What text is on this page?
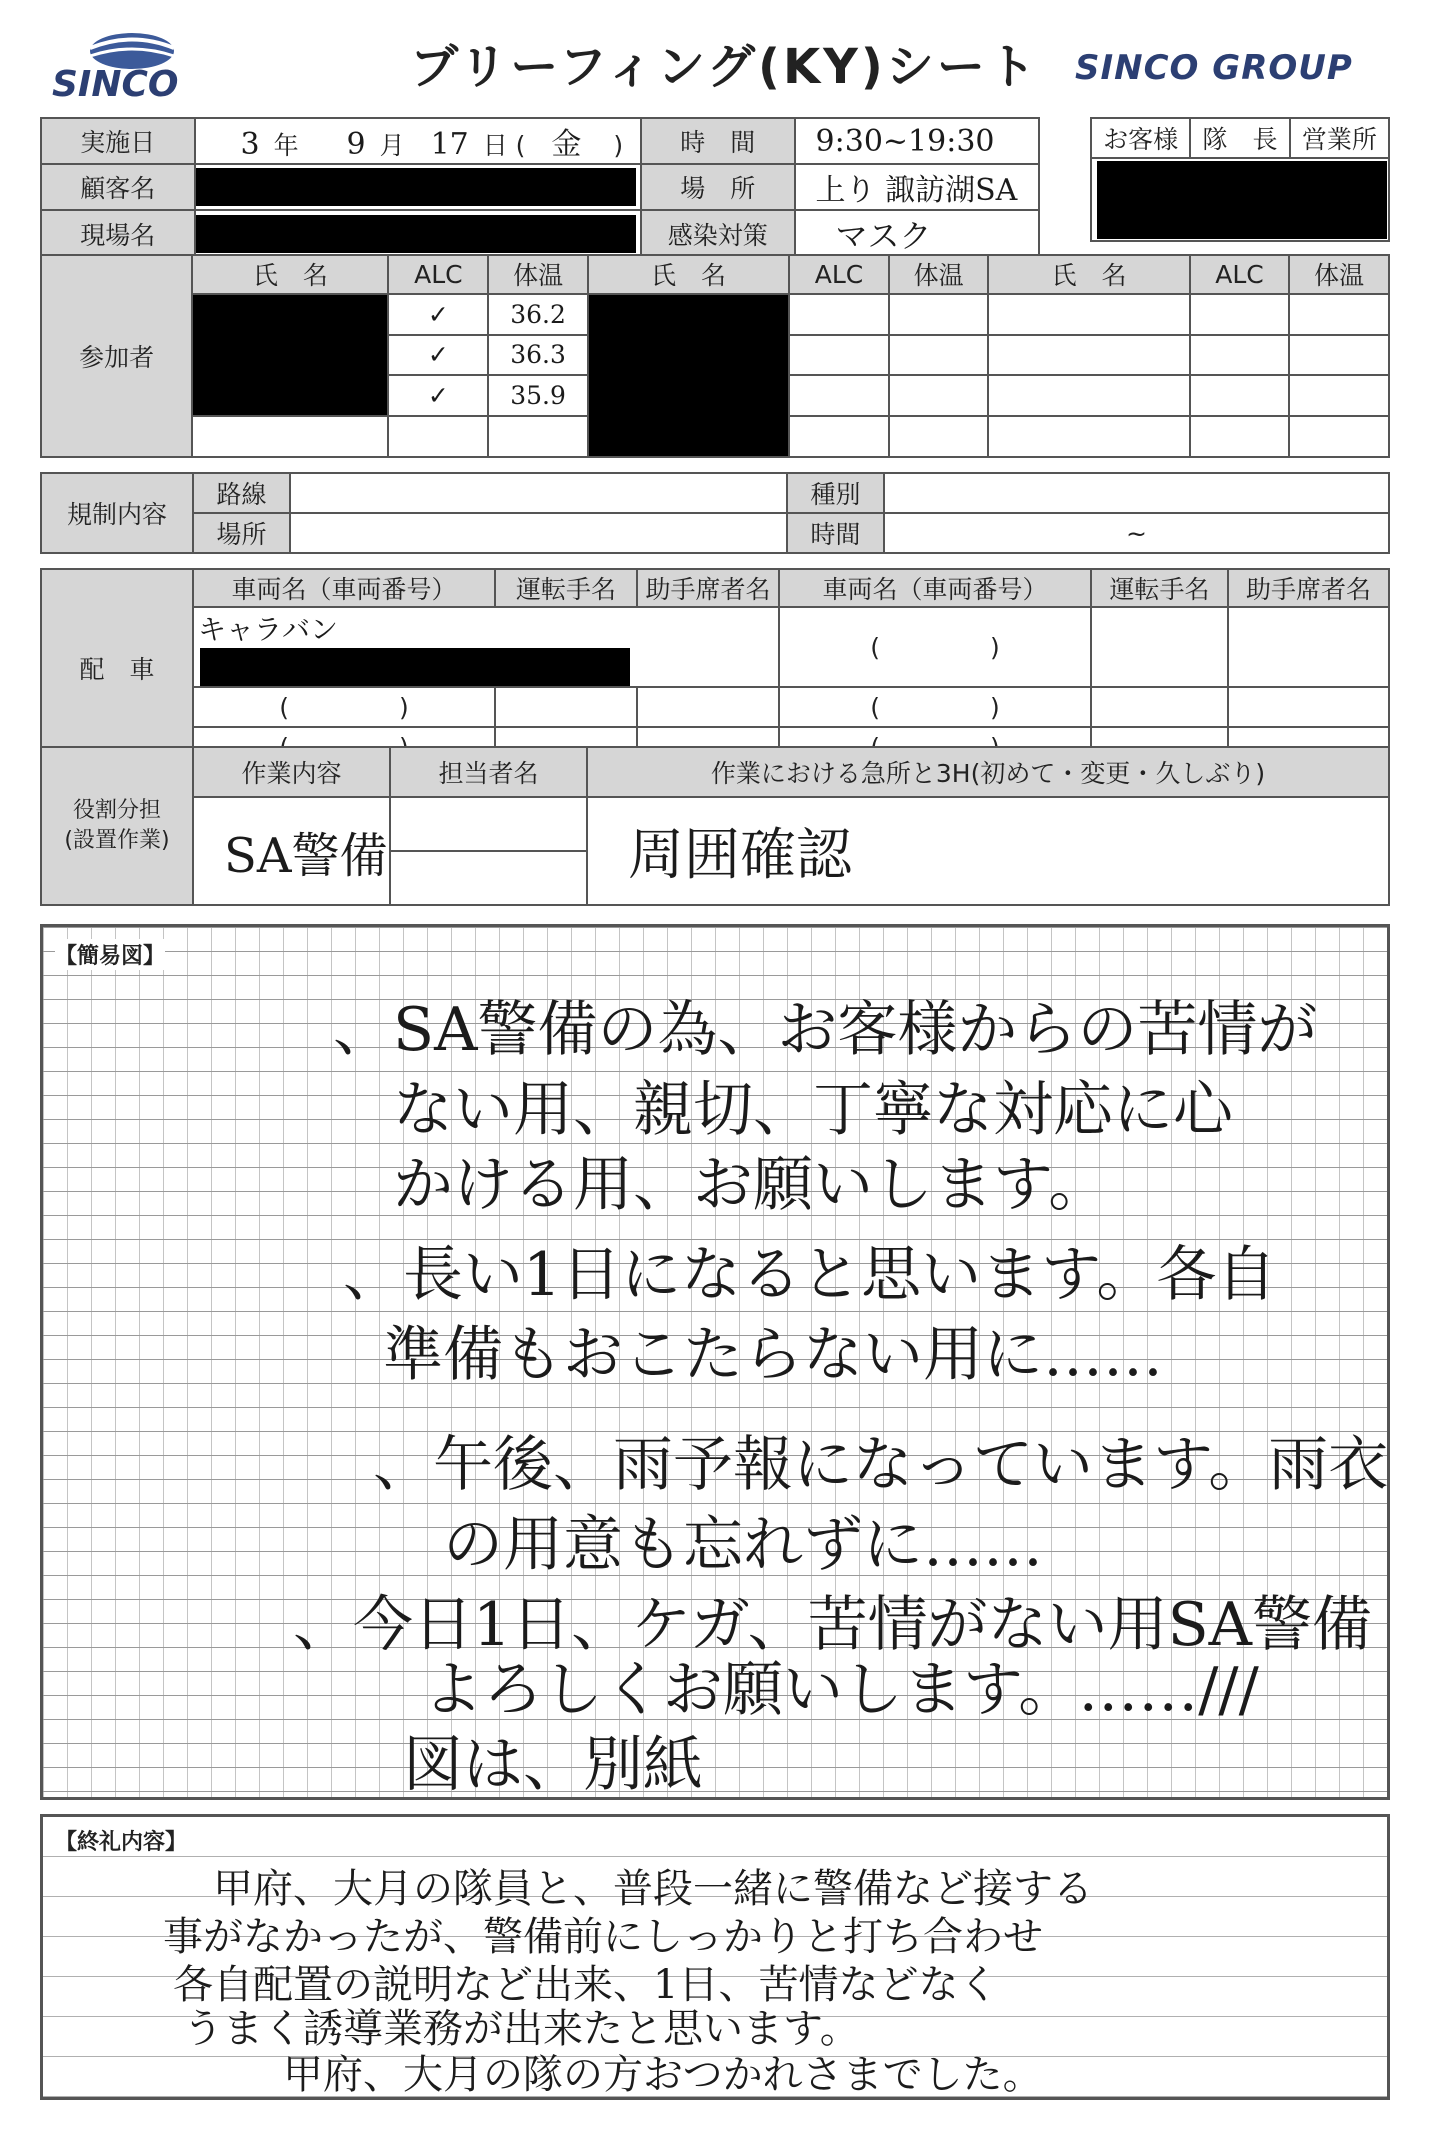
SINCO	ブリーフィング(KY)シート	SINCO GROUP
実施日	3 年 9 月 17 日 ( 金 )	時　間	9:30~19:30
顧客名		場　所	上り 諏訪湖SA
現場名		感染対策	マスク
お客様	隊　長	営業所

参加者	氏　名	ALC	体温	氏　名	ALC	体温	氏　名	ALC	体温
		✓	36.2						
		✓	36.3						
		✓	35.9						

規制内容	路線		種別	
	場所		時間	~
配　車	車両名（車両番号）	運転手名	助手席者名	車両名（車両番号）	運転手名	助手席者名
	キャラバン			( )		
	( )			( )		

役割分担
(設置作業)	作業内容	担当者名	作業における急所と3H(初めて・変更・久しぶり)
	SA警備		周囲確認

【簡易図】
、SA警備の為、お客様からの苦情が
ない用、親切、丁寧な対応に心
かける用、お願いします。
、長い1日になると思います。各自
準備もおこたらない用に……
、午後、雨予報になっています。雨衣
の用意も忘れずに……
、今日1日、ケガ、苦情がない用SA警備
よろしくお願いします。……///
図は、別紙
【終礼内容】
甲府、大月の隊員と、普段一緒に警備など接する
事がなかったが、警備前にしっかりと打ち合わせ
各自配置の説明など出来、1日、苦情などなく
うまく誘導業務が出来たと思います。
甲府、大月の隊の方おつかれさまでした。
